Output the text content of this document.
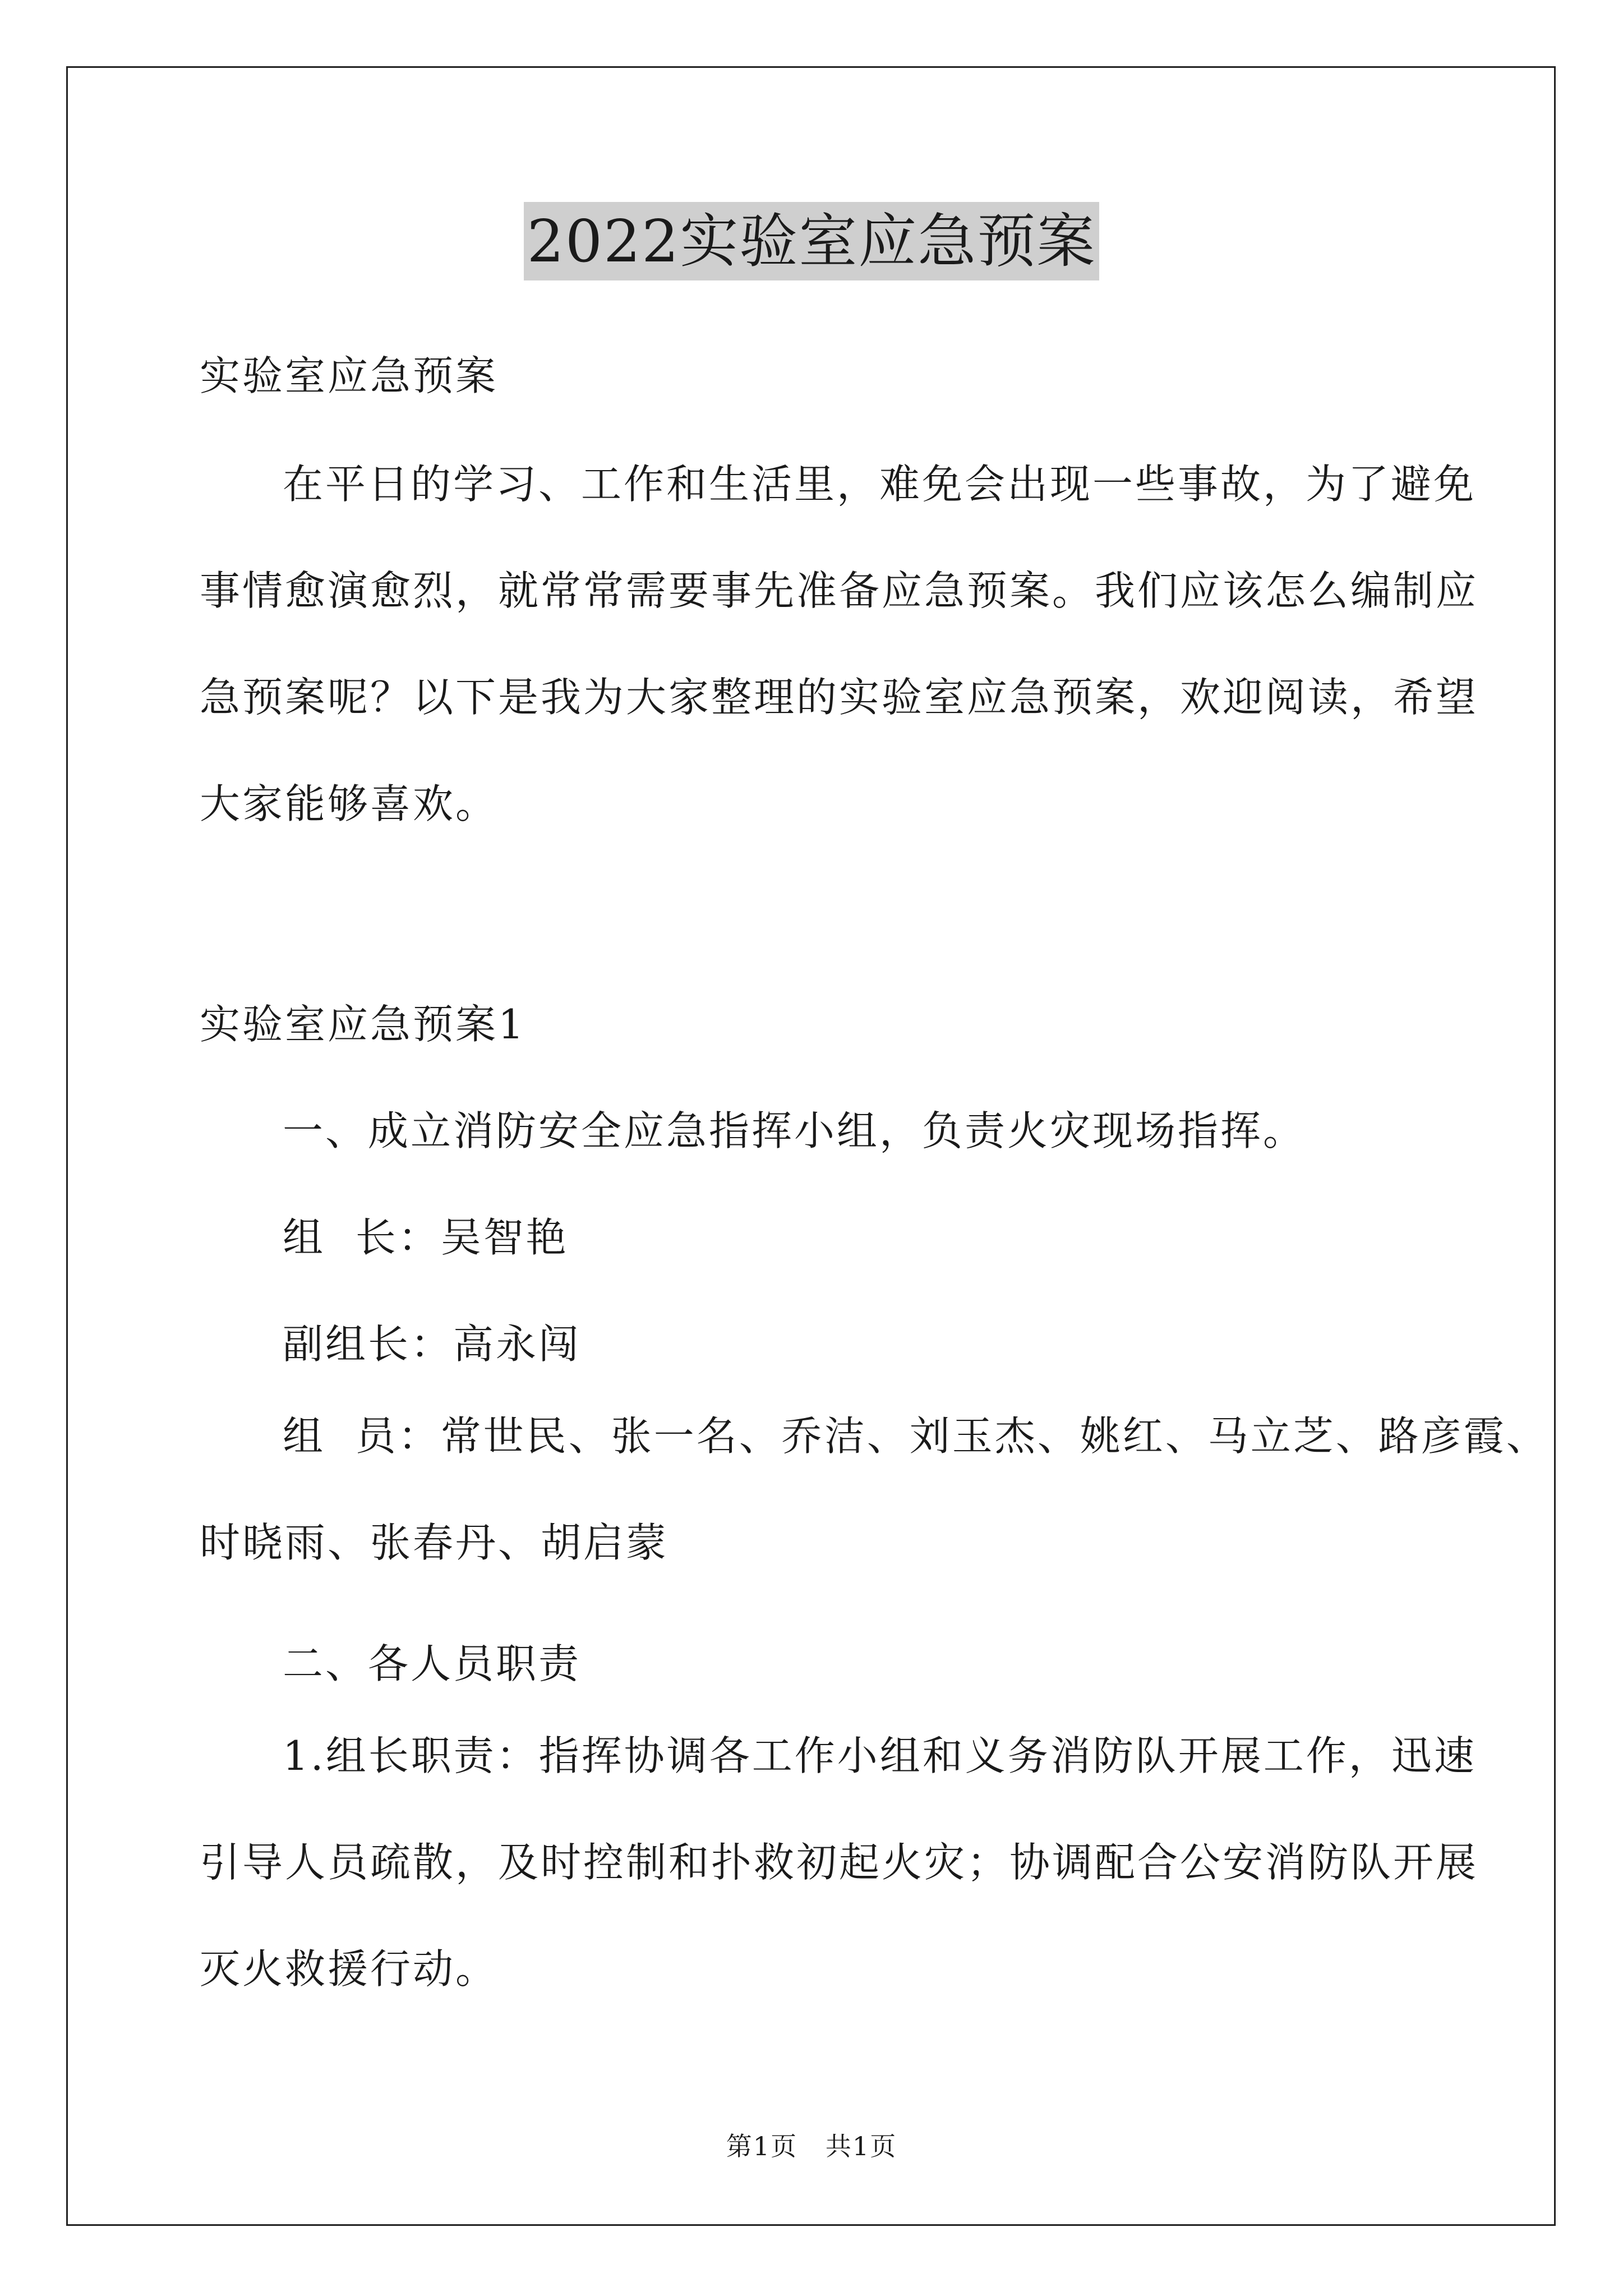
2022实验室应急预案
实验室应急预案
在平日的学习、工作和生活里，难免会出现一些事故，为了避免
事情愈演愈烈，就常常需要事先准备应急预案。我们应该怎么编制应
急预案呢？以下是我为大家整理的实验室应急预案，欢迎阅读，希望
大家能够喜欢。
实验室应急预案1
一、成立消防安全应急指挥小组，负责火灾现场指挥。
组  长：吴智艳
副组长：高永闯
组  员：常世民、张一名、乔洁、刘玉杰、姚红、马立芝、路彦霞、
时晓雨、张春丹、胡启蒙
二、各人员职责
1.组长职责：指挥协调各工作小组和义务消防队开展工作，迅速
引导人员疏散，及时控制和扑救初起火灾；协调配合公安消防队开展
灭火救援行动。
第1页   共1页
